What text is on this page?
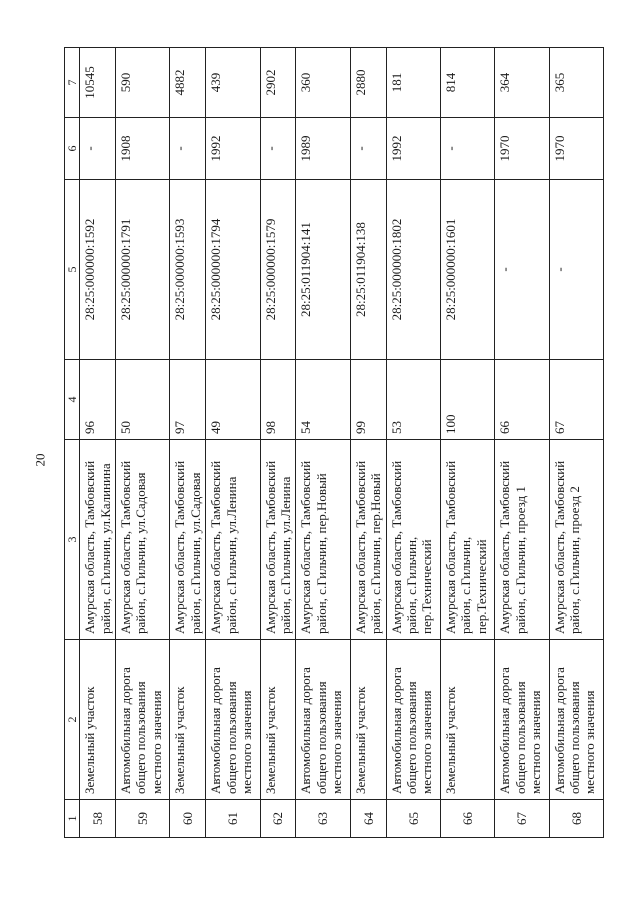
20
1	2	3	4	5	6	7
58	Земельный участок	Амурская область, Тамбовский район, с.Гильчин, ул.Калинина	96	28:25:000000:1592	-	10545
59	Автомобильная дорога общего пользования местного значения	Амурская область, Тамбовский район, с.Гильчин, ул.Садовая	50	28:25:000000:1791	1908	590
60	Земельный участок	Амурская область, Тамбовский район, с.Гильчин, ул.Садовая	97	28:25:000000:1593	-	4882
61	Автомобильная дорога общего пользования местного значения	Амурская область, Тамбовский район, с.Гильчин, ул.Ленина	49	28:25:000000:1794	1992	439
62	Земельный участок	Амурская область, Тамбовский район, с.Гильчин, ул.Ленина	98	28:25:000000:1579	-	2902
63	Автомобильная дорога общего пользования местного значения	Амурская область, Тамбовский район, с.Гильчин, пер.Новый	54	28:25:011904:141	1989	360
64	Земельный участок	Амурская область, Тамбовский район, с.Гильчин, пер.Новый	99	28:25:011904:138	-	2880
65	Автомобильная дорога общего пользования местного значения	Амурская область, Тамбовский район, с.Гильчин, пер.Технический	53	28:25:000000:1802	1992	181
66	Земельный участок	Амурская область, Тамбовский район, с.Гильчин, пер.Технический	100	28:25:000000:1601	-	814
67	Автомобильная дорога общего пользования местного значения	Амурская область, Тамбовский район, с.Гильчин, проезд 1	66	-	1970	364
68	Автомобильная дорога общего пользования местного значения	Амурская область, Тамбовский район, с.Гильчин, проезд 2	67	-	1970	365
